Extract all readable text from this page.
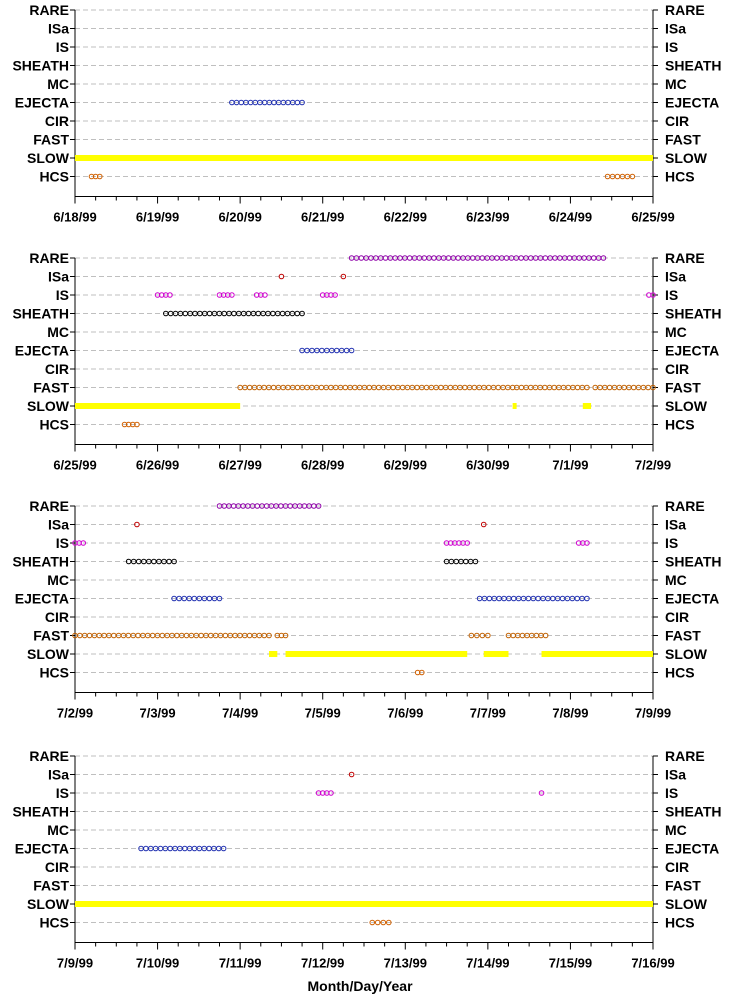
RARE	RARE
ISa	ISa
IS	IS
SHEATH	SHEATH
MC	MC
EJECTA	EJECTA
CIR	CIR
FAST	FAST
SLOW	SLOW
HCS	HCS
6/18/99	6/19/99	6/20/99	6/21/99	6/22/99	6/23/99	6/24/99	6/25/99
RARE	RARE
ISa	ISa
IS	IS
SHEATH	SHEATH
MC	MC
EJECTA	EJECTA
CIR	CIR
FAST	FAST
SLOW	SLOW
HCS	HCS
6/25/99	6/26/99	6/27/99	6/28/99	6/29/99	6/30/99	7/1/99	7/2/99
RARE	RARE
ISa	ISa
IS	IS
SHEATH	SHEATH
MC	MC
EJECTA	EJECTA
CIR	CIR
FAST	FAST
SLOW	SLOW
HCS	HCS
7/2/99	7/3/99	7/4/99	7/5/99	7/6/99	7/7/99	7/8/99	7/9/99
RARE	RARE
ISa	ISa
IS	IS
SHEATH	SHEATH
MC	MC
EJECTA	EJECTA
CIR	CIR
FAST	FAST
SLOW	SLOW
HCS	HCS
7/9/99	7/10/99	7/11/99	7/12/99	7/13/99	7/14/99	7/15/99	7/16/99
Month/Day/Year
